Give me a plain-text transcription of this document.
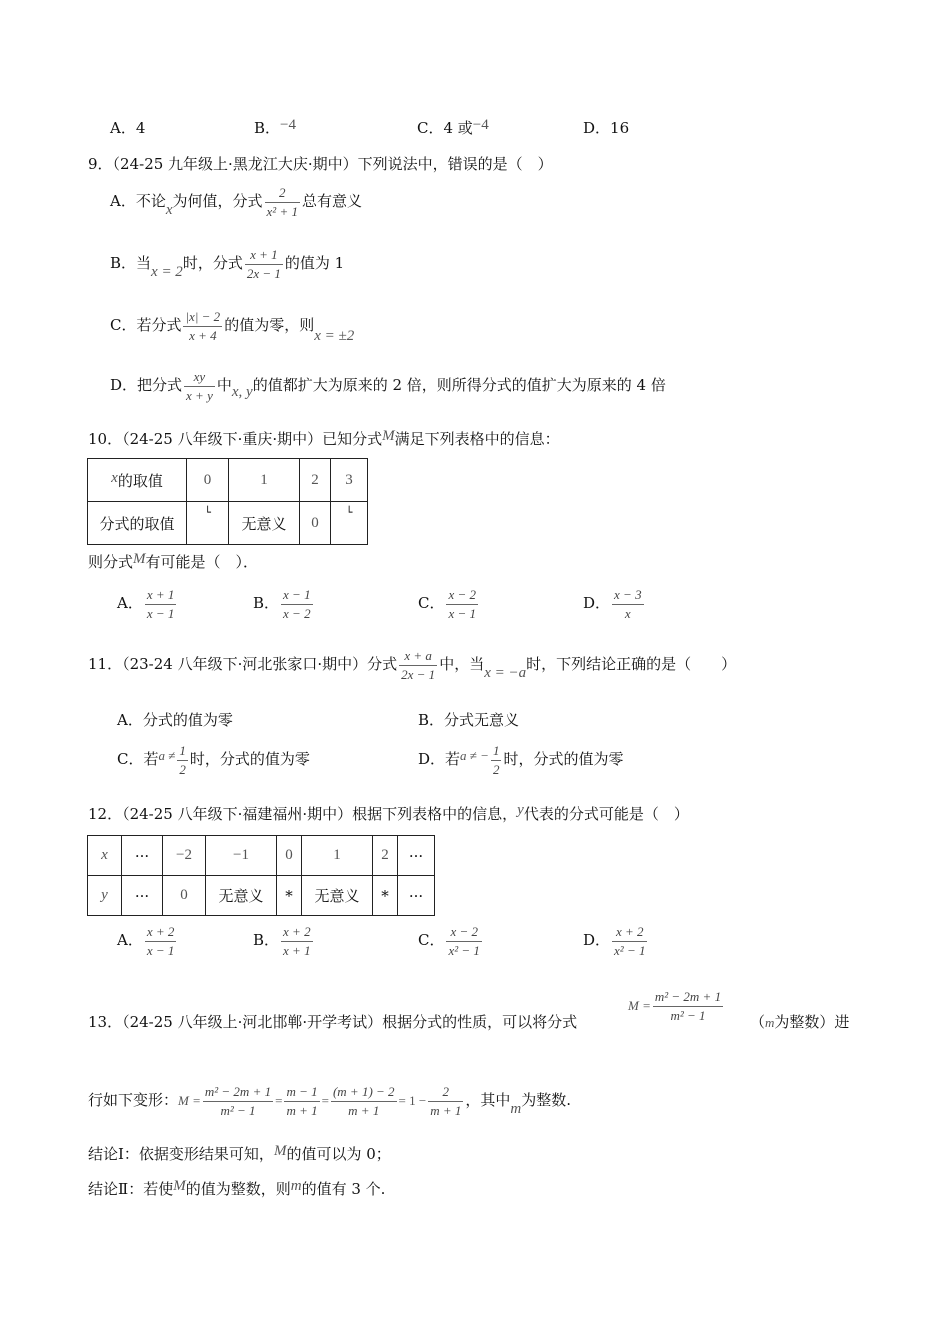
A．4	B．−4	C．4 或−4	D．16
9．（24-25 九年级上·黑龙江大庆·期中）下列说法中，错误的是（　）
A．不论x为何值，分式 $\frac{2}{\text{x² + 1}}$ 总有意义
B．当x = 2时，分式 $\frac{x + 1}{2x - 1}$ 的值为 1
C．若分式 $\frac{|x| - 2}{x + 4}$ 的值为零，则x = ±2
D．把分式 $\frac{xy}{x + y}$ 中x, y的值都扩大为原来的 2 倍，则所得分式的值扩大为原来的 4 倍
10．（24-25 八年级下·重庆·期中）已知分式M满足下列表格中的信息：
x的取值	0	1	2	3
分式的取值	└	无意义	0	└
则分式M有可能是（　）．
A． $\frac{x + 1}{x - 1}$	B． $\frac{x - 1}{x - 2}$	C． $\frac{x - 2}{x - 1}$	D． $\frac{x - 3}{x}$
11．（23-24 八年级下·河北张家口·期中）分式 $\frac{x + a}{2x - 1}$ 中，当x = −a时，下列结论正确的是（　　）
A．分式的值为零	B．分式无意义
C．若$a \ne \frac{1}{2}$ 时，分式的值为零	D．若a ≠ − $\frac{1}{2}$ 时，分式的值为零
12．（24-25 八年级下·福建福州·期中）根据下列表格中的信息，y代表的分式可能是（　）
x	···	−2	−1	0	1	2	···
y	···	0	无意义	*	无意义	*	···
A． $\frac{x + 2}{x - 1}$	B． $\frac{x + 2}{x + 1}$	C． $\frac{x - 2}{\text{x² − 1}}$	D． $\frac{x + 2}{\text{x² − 1}}$
13．（24-25 八年级上·河北邯郸·开学考试）根据分式的性质，可以将分式
$M = \frac{\text{m² − 2m + 1}}{\text{m² − 1}} (m$为整数）进
行如下变形：$M = \frac{\text{m² − 2m + 1}}{\text{m² − 1}} = \frac{m - 1}{m + 1} = \frac{(m + 1) - 2}{m + 1} = 1 - \frac{2}{m + 1}$ ，其中m为整数.
结论Ⅰ：依据变形结果可知，M的值可以为 0；
结论Ⅱ：若使M的值为整数，则m的值有 3 个.
